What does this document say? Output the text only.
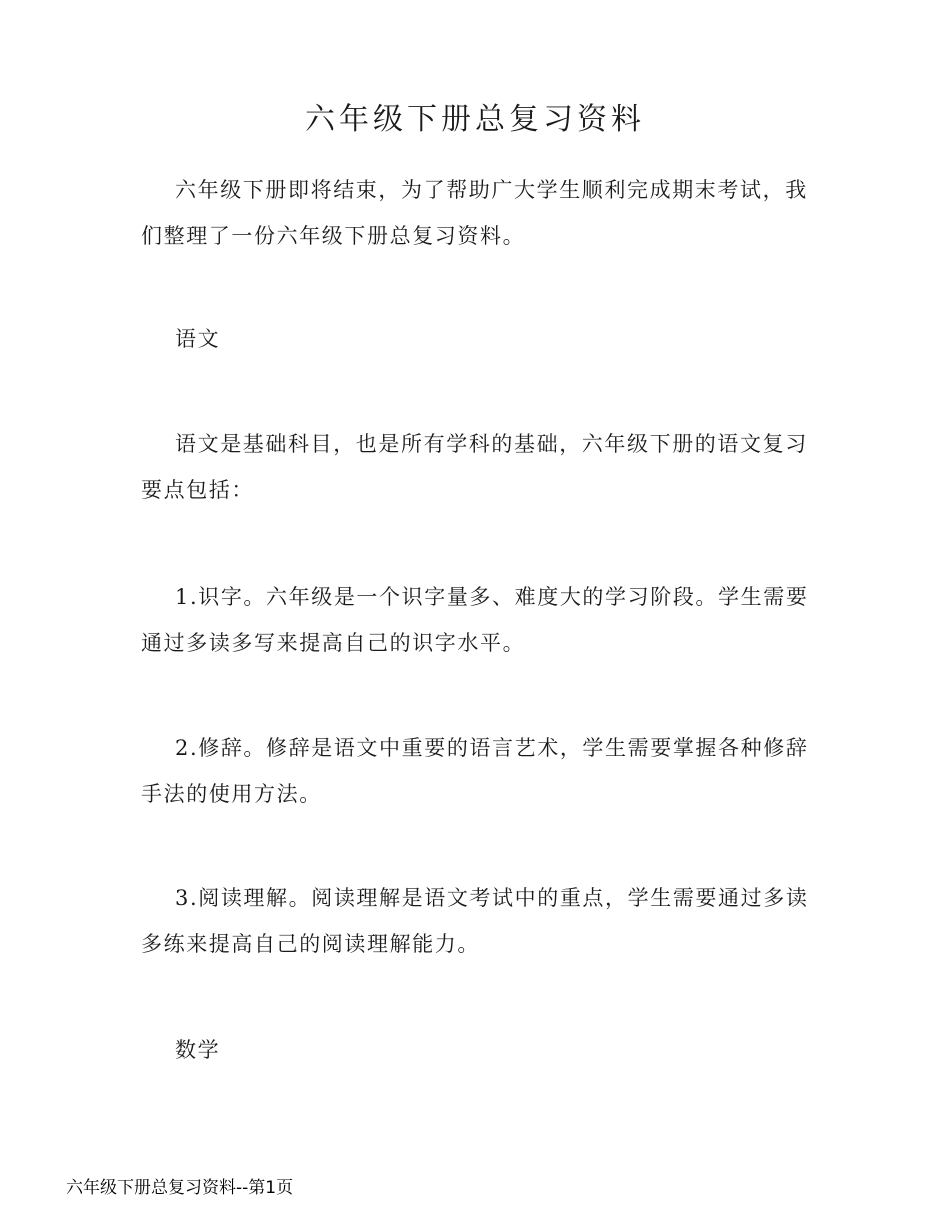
六年级下册总复习资料

六年级下册即将结束，为了帮助广大学生顺利完成期末考试，我们整理了一份六年级下册总复习资料。

语文

语文是基础科目，也是所有学科的基础，六年级下册的语文复习要点包括：

1.识字。六年级是一个识字量多、难度大的学习阶段。学生需要通过多读多写来提高自己的识字水平。

2.修辞。修辞是语文中重要的语言艺术，学生需要掌握各种修辞手法的使用方法。

3.阅读理解。阅读理解是语文考试中的重点，学生需要通过多读多练来提高自己的阅读理解能力。

数学
六年级下册总复习资料--第1页
